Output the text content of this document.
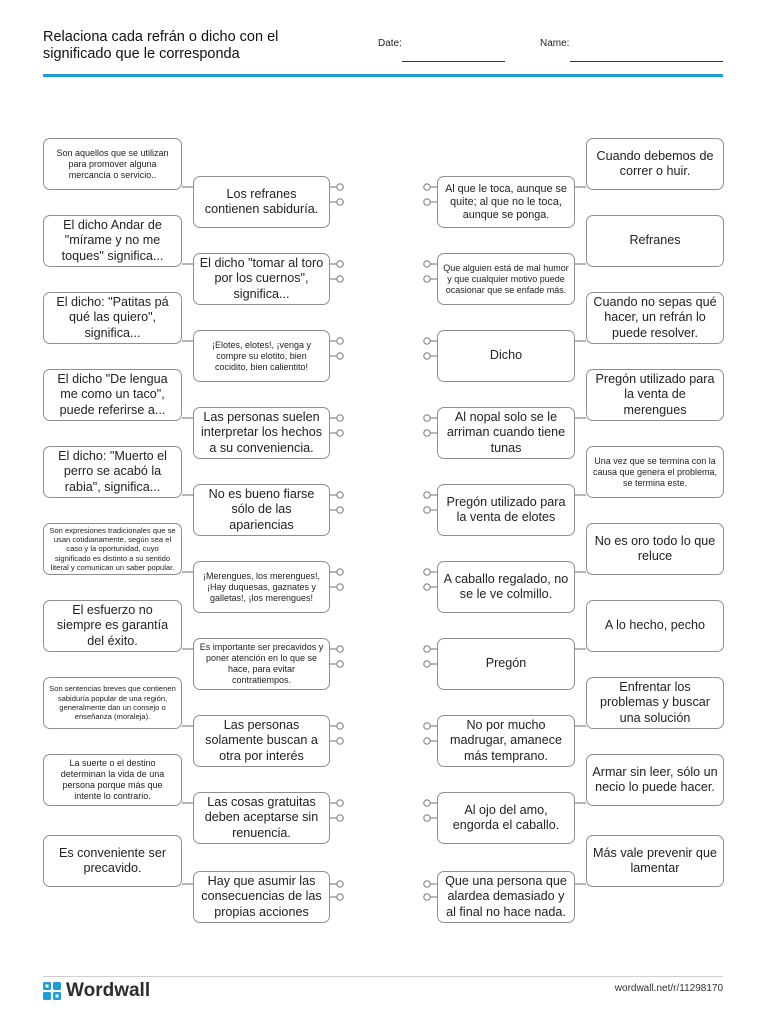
Relaciona cada refrán o dicho con el significado que le corresponda
Date:	Name:
Son aquellos que se utilizan para promover alguna mercancía o servicio..
El dicho Andar de "mírame y no me toques" significa...
El dicho: "Patitas pá qué las quiero", significa...
El dicho "De lengua me como un taco", puede referirse a...
El dicho: "Muerto el perro se acabó la rabia", significa...
Son expresiones tradicionales que se usan cotidianamente, según sea el caso y la oportunidad, cuyo significado es distinto a su sentido literal y comunican un saber popular.
El esfuerzo no siempre es garantía del éxito.
Son sentencias breves que contienen sabiduría popular de una región, generalmente dan un consejo o enseñanza (moraleja).
La suerte o el destino determinan la vida de una persona porque más que intente lo contrario.
Es conveniente ser precavido.
Los refranes contienen sabiduría.
El dicho "tomar al toro por los cuernos", significa...
¡Elotes, elotes!, ¡venga y compre su elotito, bien cocidito, bien calientito!
Las personas suelen interpretar los hechos a su conveniencia.
No es bueno fiarse sólo de las apariencias
¡Merengues, los merengues!, ¡Hay duquesas, gaznates y galletas!, ¡los merengues!
Es importante ser precavidos y poner atención en lo que se hace, para evitar contratiempos.
Las personas solamente buscan a otra por interés
Las cosas gratuitas deben aceptarse sin renuencia.
Hay que asumir las consecuencias de las propias acciones
Al que le toca, aunque se quite; al que no le toca, aunque se ponga.
Que alguien está de mal humor y que cualquier motivo puede ocasionar que se enfade más.
Dicho
Al nopal solo se le arriman cuando tiene tunas
Pregón utilizado para la venta de elotes
A caballo regalado, no se le ve colmillo.
Pregón
No por mucho madrugar, amanece más temprano.
Al ojo del amo, engorda el caballo.
Que una persona que alardea demasiado y al final no hace nada.
Cuando debemos de correr o huir.
Refranes
Cuando no sepas qué hacer, un refrán lo puede resolver.
Pregón utilizado para la venta de merengues
Una vez que se termina con la causa que genera el problema, se termina este.
No es oro todo lo que reluce
A lo hecho, pecho
Enfrentar los problemas y buscar una solución
Armar sin leer, sólo un necio lo puede hacer.
Más vale prevenir que lamentar
Wordwall	wordwall.net/r/11298170
